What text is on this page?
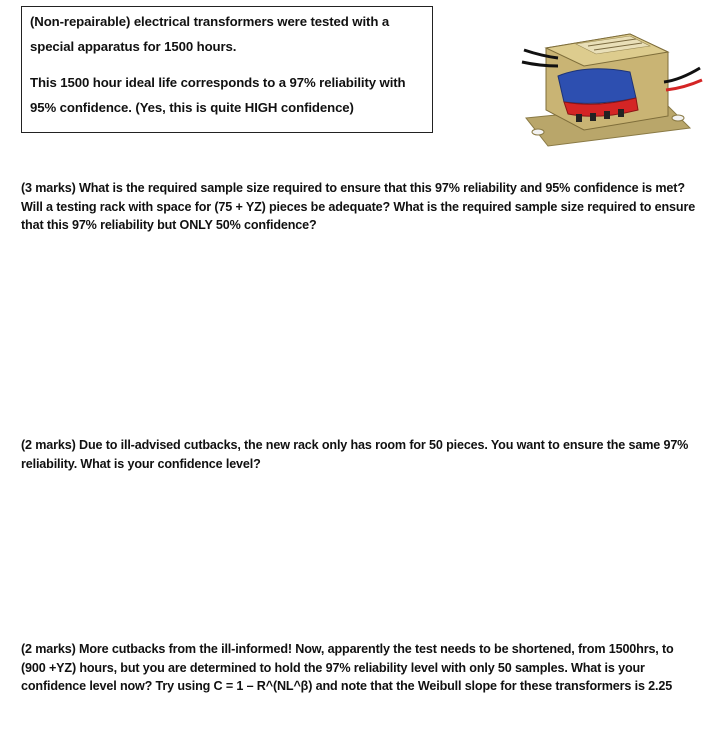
(Non-repairable) electrical transformers were tested with a special apparatus for 1500 hours.

This 1500 hour ideal life corresponds to a 97% reliability with 95% confidence. (Yes, this is quite HIGH confidence)

(3 marks) What is the required sample size required to ensure that this 97% reliability and 95% confidence is met? Will a testing rack with space for (75 + YZ) pieces be adequate? What is the required sample size required to ensure that this 97% reliability but ONLY 50% confidence?

(2 marks) Due to ill-advised cutbacks, the new rack only has room for 50 pieces. You want to ensure the same 97% reliability. What is your confidence level?

(2 marks) More cutbacks from the ill-informed! Now, apparently the test needs to be shortened, from 1500hrs, to (900 +YZ) hours, but you are determined to hold the 97% reliability level with only 50 samples. What is your confidence level now? Try using C = 1 – R^(NL^β) and note that the Weibull slope for these transformers is 2.25
